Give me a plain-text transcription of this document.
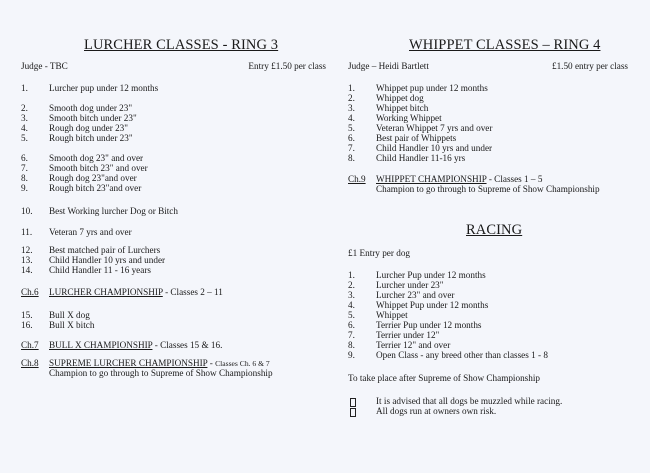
LURCHER CLASSES - RING 3
Judge - TBC	Entry £1.50 per class
1. Lurcher pup under 12 months
2. Smooth dog under 23"
3. Smooth bitch under 23"
4. Rough dog under 23"
5. Rough bitch under 23"
6. Smooth dog 23" and over
7. Smooth bitch 23" and over
8. Rough dog 23"and over
9. Rough bitch 23"and over
10. Best Working lurcher Dog or Bitch
11. Veteran 7 yrs and over
12. Best matched pair of Lurchers
13. Child Handler 10 yrs and under
14. Child Handler 11 - 16 years
Ch.6 LURCHER CHAMPIONSHIP - Classes 2 – 11
15. Bull X dog
16. Bull X bitch
Ch.7 BULL X CHAMPIONSHIP - Classes 15 & 16.
Ch.8 SUPREME LURCHER CHAMPIONSHIP - Classes Ch. 6 & 7
Champion to go through to Supreme of Show Championship
WHIPPET CLASSES – RING 4
Judge – Heidi Bartlett	£1.50 entry per class
1. Whippet pup under 12 months
2. Whippet dog
3. Whippet bitch
4. Working Whippet
5. Veteran Whippet 7 yrs and over
6. Best pair of Whippets
7. Child Handler 10 yrs and under
8. Child Handler 11-16 yrs
Ch.9 WHIPPET CHAMPIONSHIP - Classes 1 – 5
Champion to go through to Supreme of Show Championship
RACING
£1 Entry per dog
1. Lurcher Pup under 12 months
2. Lurcher under 23"
3. Lurcher 23" and over
4. Whippet Pup under 12 months
5. Whippet
6. Terrier Pup under 12 months
7. Terrier under 12"
8. Terrier 12" and over
9. Open Class - any breed other than classes 1 - 8
To take place after Supreme of Show Championship
It is advised that all dogs be muzzled while racing.
All dogs run at owners own risk.
